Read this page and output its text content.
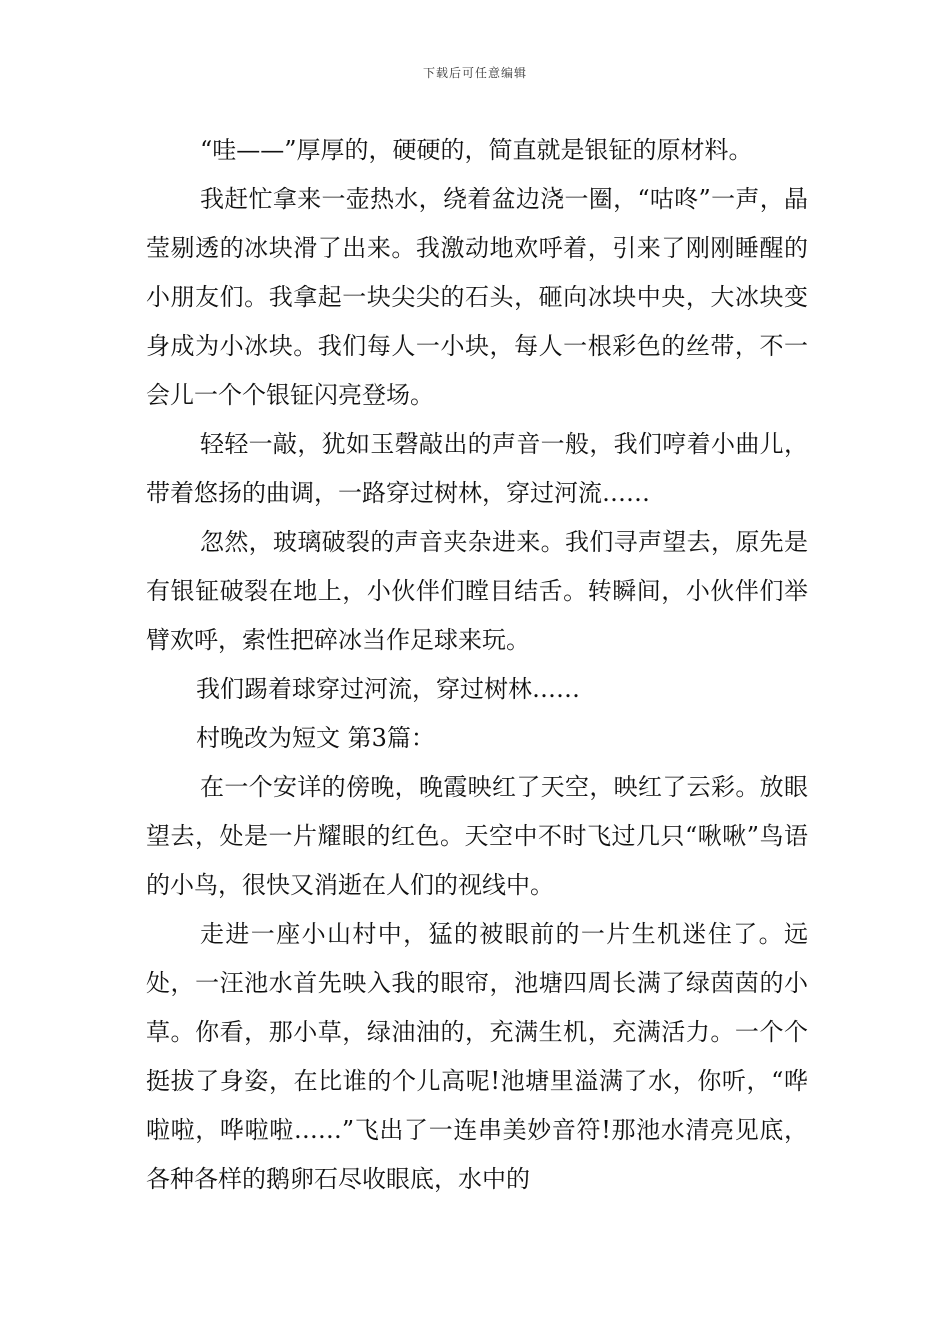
下载后可任意编辑

“哇——”厚厚的，硬硬的，简直就是银钲的原材料。

我赶忙拿来一壶热水，绕着盆边浇一圈，“咕咚”一声，晶莹剔透的冰块滑了出来。我激动地欢呼着，引来了刚刚睡醒的小朋友们。我拿起一块尖尖的石头，砸向冰块中央，大冰块变身成为小冰块。我们每人一小块，每人一根彩色的丝带，不一会儿一个个银钲闪亮登场。

轻轻一敲，犹如玉磬敲出的声音一般，我们哼着小曲儿，带着悠扬的曲调，一路穿过树林，穿过河流……

忽然，玻璃破裂的声音夹杂进来。我们寻声望去，原先是有银钲破裂在地上，小伙伴们瞠目结舌。转瞬间，小伙伴们举臂欢呼，索性把碎冰当作足球来玩。

我们踢着球穿过河流，穿过树林……

村晚改为短文 第3篇：

在一个安详的傍晚，晚霞映红了天空，映红了云彩。放眼望去，处是一片耀眼的红色。天空中不时飞过几只“啾啾”鸟语的小鸟，很快又消逝在人们的视线中。

走进一座小山村中，猛的被眼前的一片生机迷住了。远处，一汪池水首先映入我的眼帘，池塘四周长满了绿茵茵的小草。你看，那小草，绿油油的，充满生机，充满活力。一个个挺拔了身姿，在比谁的个儿高呢!池塘里溢满了水，你听，“哗啦啦，哗啦啦……”飞出了一连串美妙音符!那池水清亮见底，各种各样的鹅卵石尽收眼底，水中的
